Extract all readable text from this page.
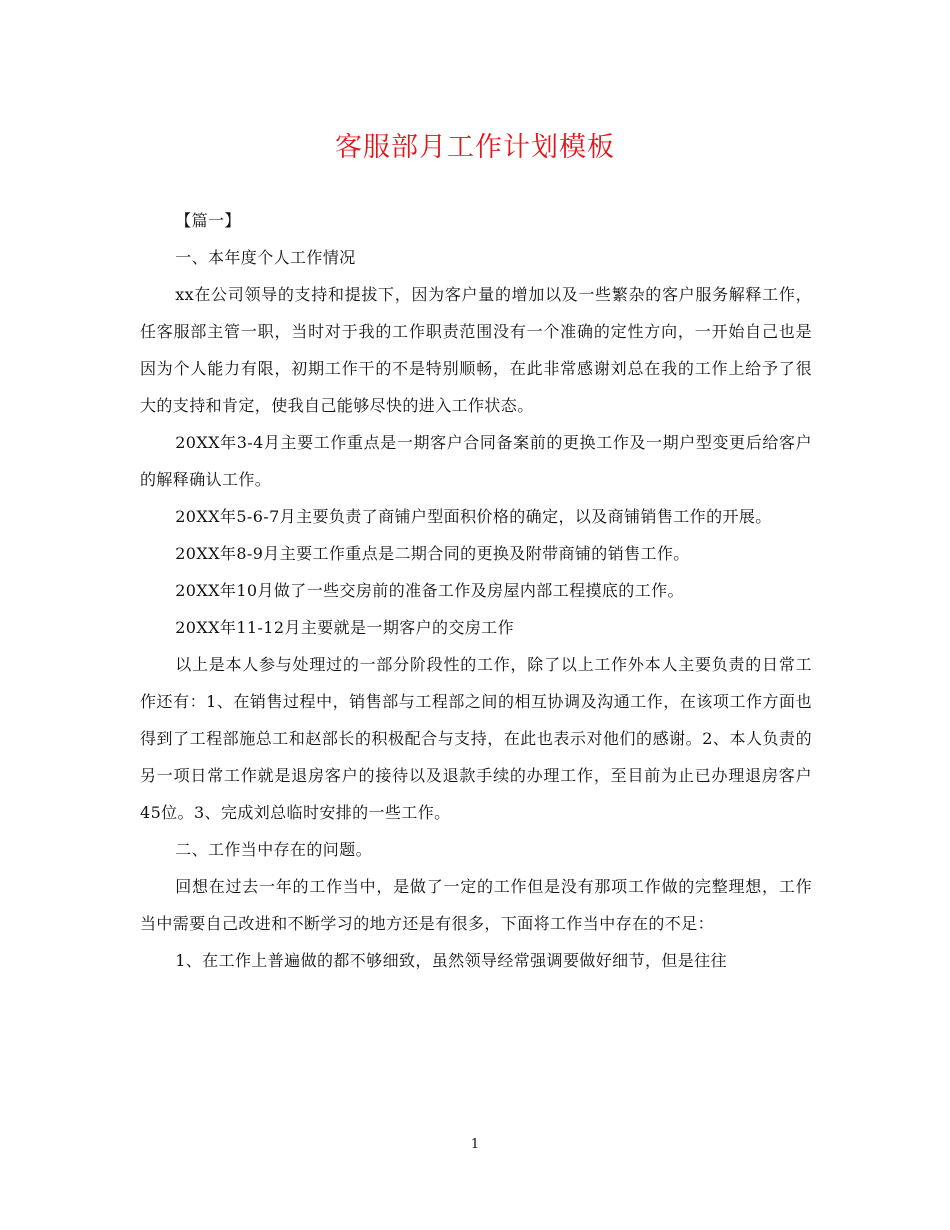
客服部月工作计划模板

【篇一】

一、本年度个人工作情况

xx在公司领导的支持和提拔下，因为客户量的增加以及一些繁杂的客户服务解释工作，任客服部主管一职，当时对于我的工作职责范围没有一个准确的定性方向，一开始自己也是因为个人能力有限，初期工作干的不是特别顺畅，在此非常感谢刘总在我的工作上给予了很大的支持和肯定，使我自己能够尽快的进入工作状态。

20XX年3-4月主要工作重点是一期客户合同备案前的更换工作及一期户型变更后给客户的解释确认工作。

20XX年5-6-7月主要负责了商铺户型面积价格的确定，以及商铺销售工作的开展。

20XX年8-9月主要工作重点是二期合同的更换及附带商铺的销售工作。

20XX年10月做了一些交房前的准备工作及房屋内部工程摸底的工作。

20XX年11-12月主要就是一期客户的交房工作

以上是本人参与处理过的一部分阶段性的工作，除了以上工作外本人主要负责的日常工作还有：1、在销售过程中，销售部与工程部之间的相互协调及沟通工作，在该项工作方面也得到了工程部施总工和赵部长的积极配合与支持，在此也表示对他们的感谢。2、本人负责的另一项日常工作就是退房客户的接待以及退款手续的办理工作，至目前为止已办理退房客户45位。3、完成刘总临时安排的一些工作。

二、工作当中存在的问题。

回想在过去一年的工作当中，是做了一定的工作但是没有那项工作做的完整理想，工作当中需要自己改进和不断学习的地方还是有很多，下面将工作当中存在的不足：

1、在工作上普遍做的都不够细致，虽然领导经常强调要做好细节，但是往往

1
